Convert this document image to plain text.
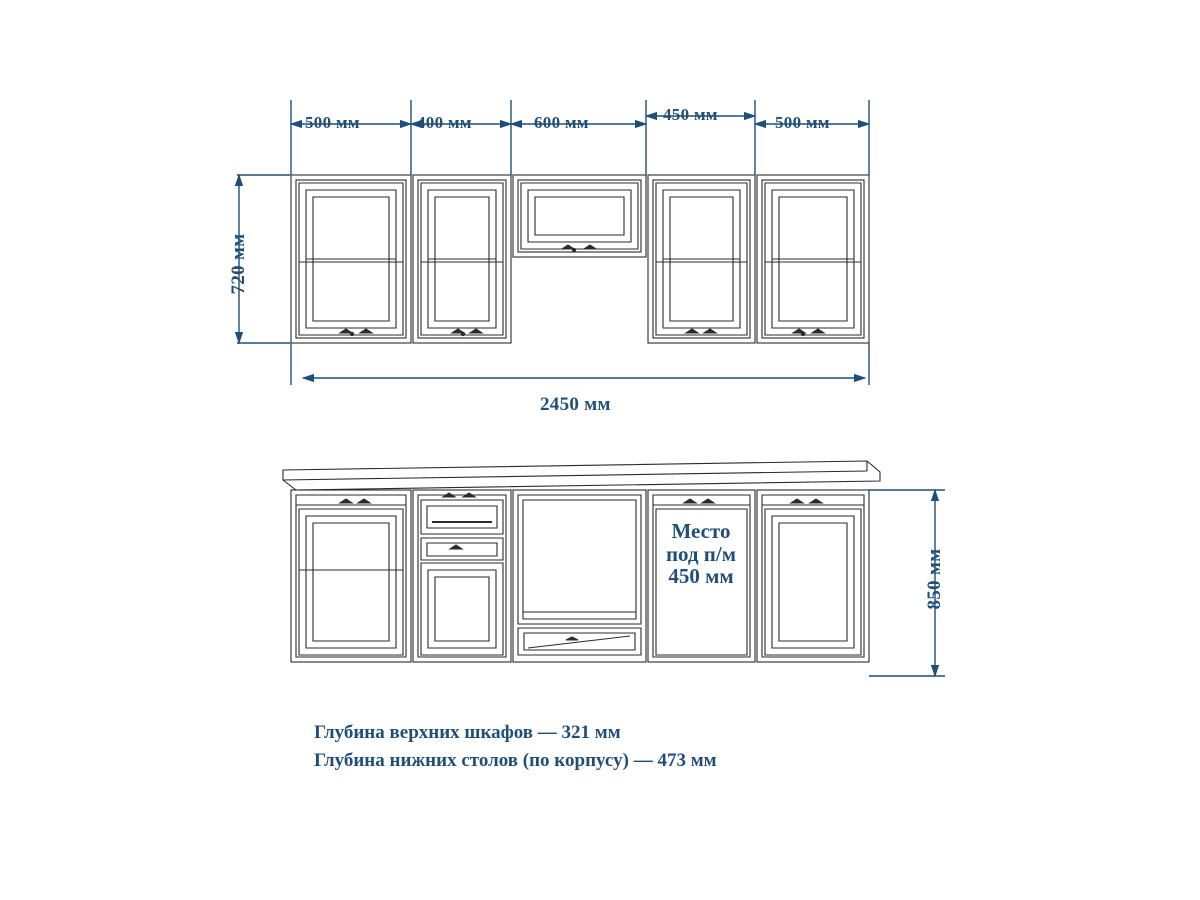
500 мм	400 мм	600 мм	450 мм	500 мм
720 мм
2450 мм
850 мм
Место под п/м 450 мм
Глубина верхних шкафов — 321 мм
Глубина нижних столов (по корпусу) — 473 мм
